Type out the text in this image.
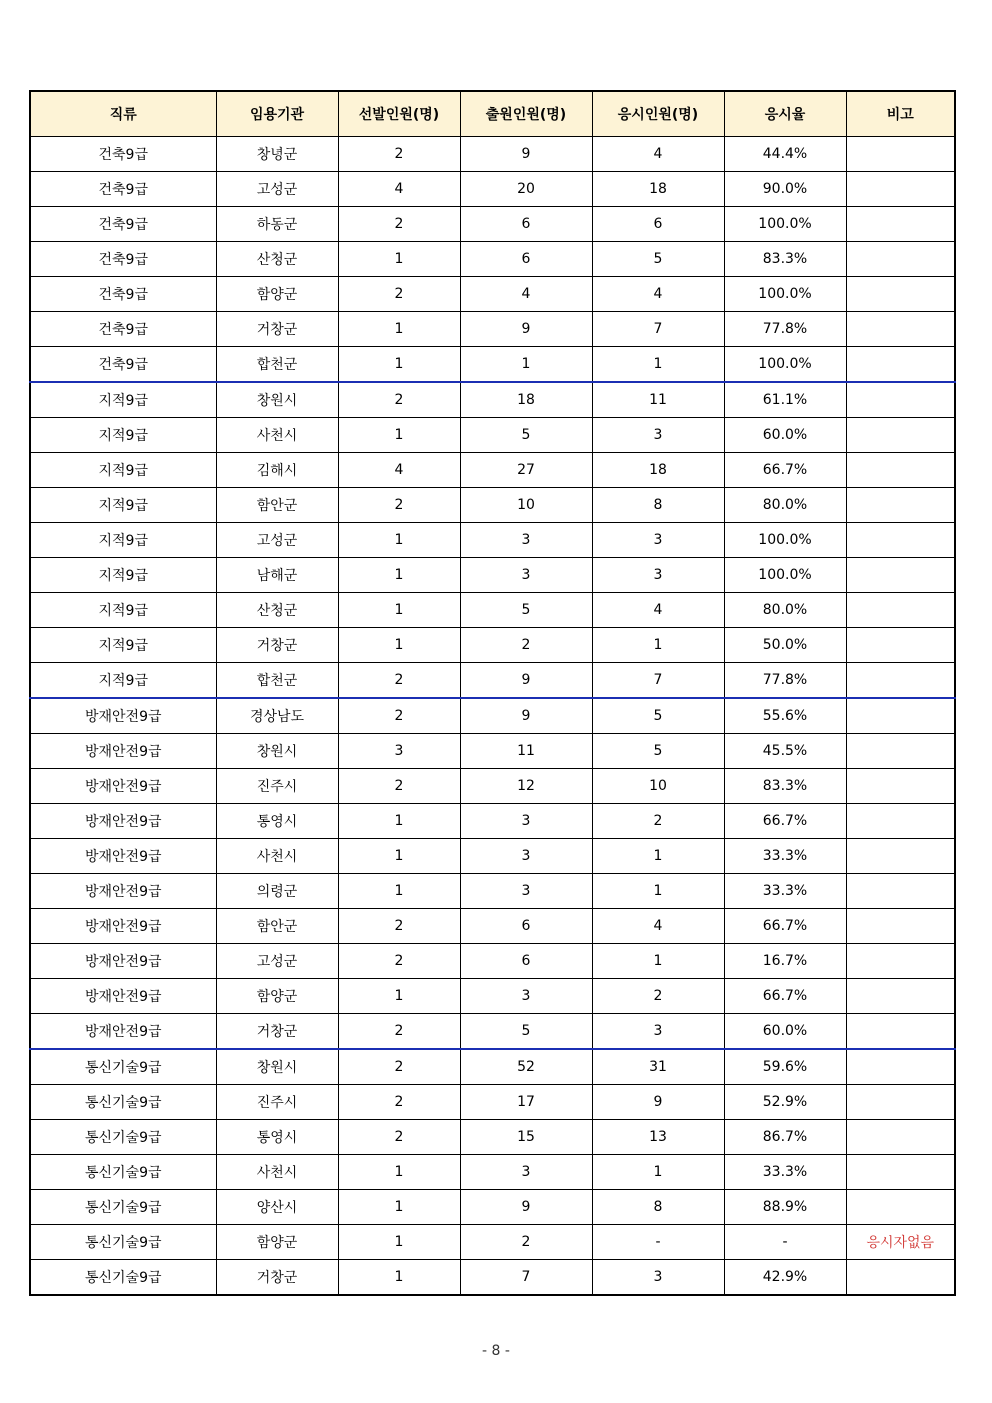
직류	임용기관	선발인원(명)	출원인원(명)	응시인원(명)	응시율	비고
건축9급	창녕군	2	9	4	44.4%	
건축9급	고성군	4	20	18	90.0%	
건축9급	하동군	2	6	6	100.0%	
건축9급	산청군	1	6	5	83.3%	
건축9급	함양군	2	4	4	100.0%	
건축9급	거창군	1	9	7	77.8%	
건축9급	합천군	1	1	1	100.0%	
지적9급	창원시	2	18	11	61.1%	
지적9급	사천시	1	5	3	60.0%	
지적9급	김해시	4	27	18	66.7%	
지적9급	함안군	2	10	8	80.0%	
지적9급	고성군	1	3	3	100.0%	
지적9급	남해군	1	3	3	100.0%	
지적9급	산청군	1	5	4	80.0%	
지적9급	거창군	1	2	1	50.0%	
지적9급	합천군	2	9	7	77.8%	
방재안전9급	경상남도	2	9	5	55.6%	
방재안전9급	창원시	3	11	5	45.5%	
방재안전9급	진주시	2	12	10	83.3%	
방재안전9급	통영시	1	3	2	66.7%	
방재안전9급	사천시	1	3	1	33.3%	
방재안전9급	의령군	1	3	1	33.3%	
방재안전9급	함안군	2	6	4	66.7%	
방재안전9급	고성군	2	6	1	16.7%	
방재안전9급	함양군	1	3	2	66.7%	
방재안전9급	거창군	2	5	3	60.0%	
통신기술9급	창원시	2	52	31	59.6%	
통신기술9급	진주시	2	17	9	52.9%	
통신기술9급	통영시	2	15	13	86.7%	
통신기술9급	사천시	1	3	1	33.3%	
통신기술9급	양산시	1	9	8	88.9%	
통신기술9급	함양군	1	2	-	-	응시자없음
통신기술9급	거창군	1	7	3	42.9%	
- 8 -
